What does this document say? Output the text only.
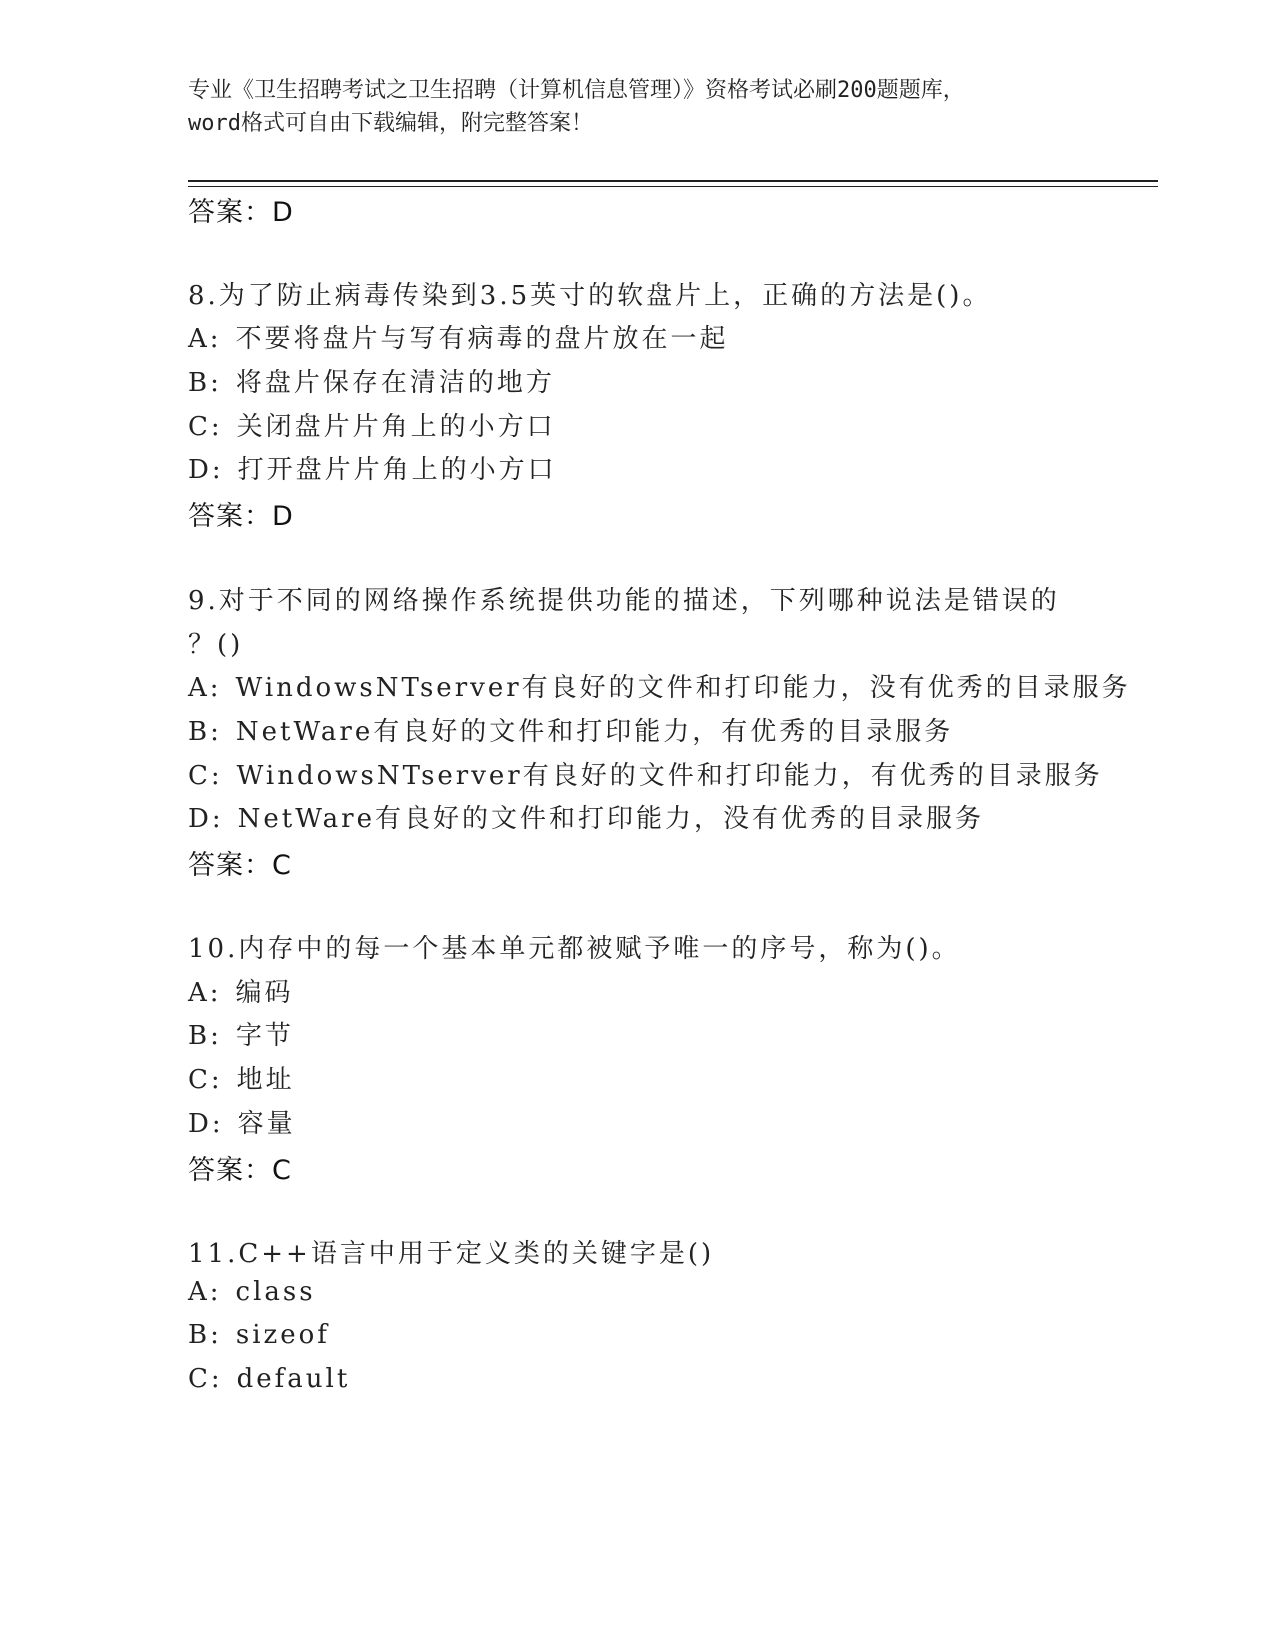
专业《卫生招聘考试之卫生招聘（计算机信息管理）》资格考试必刷200题题库，
word格式可自由下载编辑，附完整答案！
答案：D
8.为了防止病毒传染到3.5英寸的软盘片上，正确的方法是()。
A: 不要将盘片与写有病毒的盘片放在一起
B: 将盘片保存在清洁的地方
C: 关闭盘片片角上的小方口
D: 打开盘片片角上的小方口
答案：D
9.对于不同的网络操作系统提供功能的描述，下列哪种说法是错误的
？()
A: WindowsNTserver有良好的文件和打印能力，没有优秀的目录服务
B: NetWare有良好的文件和打印能力，有优秀的目录服务
C: WindowsNTserver有良好的文件和打印能力，有优秀的目录服务
D: NetWare有良好的文件和打印能力，没有优秀的目录服务
答案：C
10.内存中的每一个基本单元都被赋予唯一的序号，称为()。
A: 编码
B: 字节
C: 地址
D: 容量
答案：C
11.C++语言中用于定义类的关键字是()
A: class
B: sizeof
C: default
